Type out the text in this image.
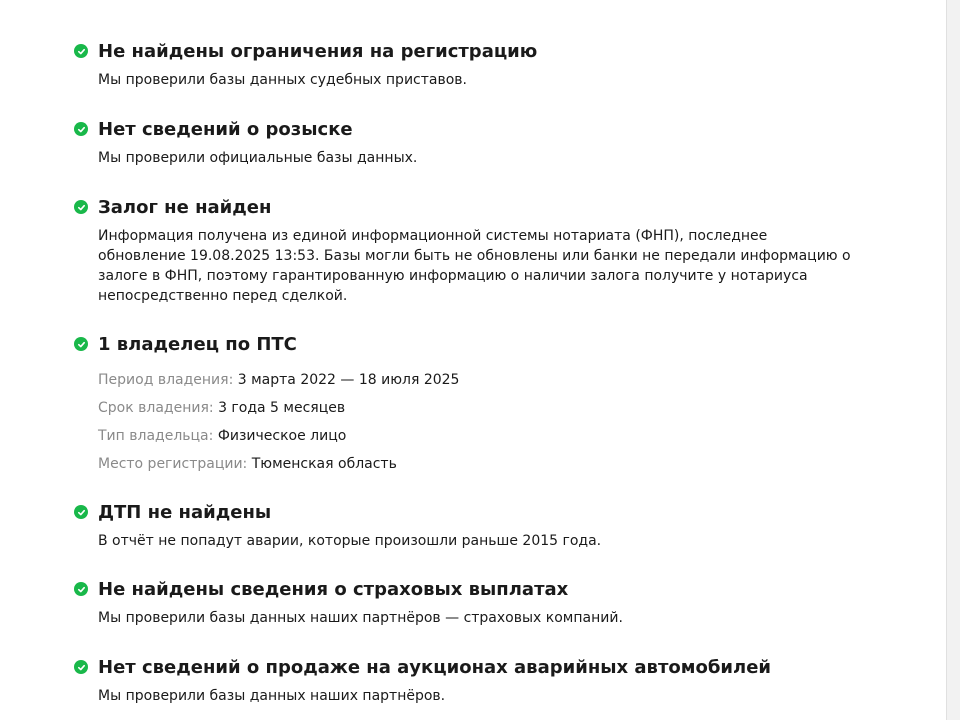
Не найдены ограничения на регистрацию
Мы проверили базы данных судебных приставов.
Нет сведений о розыске
Мы проверили официальные базы данных.
Залог не найден
Информация получена из единой информационной системы нотариата (ФНП), последнее обновление 19.08.2025 13:53. Базы могли быть не обновлены или банки не передали информацию о залоге в ФНП, поэтому гарантированную информацию о наличии залога получите у нотариуса непосредственно перед сделкой.
1 владелец по ПТС
Период владения: 3 марта 2022 — 18 июля 2025
Срок владения: 3 года 5 месяцев
Тип владельца: Физическое лицо
Место регистрации: Тюменская область
ДТП не найдены
В отчёт не попадут аварии, которые произошли раньше 2015 года.
Не найдены сведения о страховых выплатах
Мы проверили базы данных наших партнёров — страховых компаний.
Нет сведений о продаже на аукционах аварийных автомобилей
Мы проверили базы данных наших партнёров.
